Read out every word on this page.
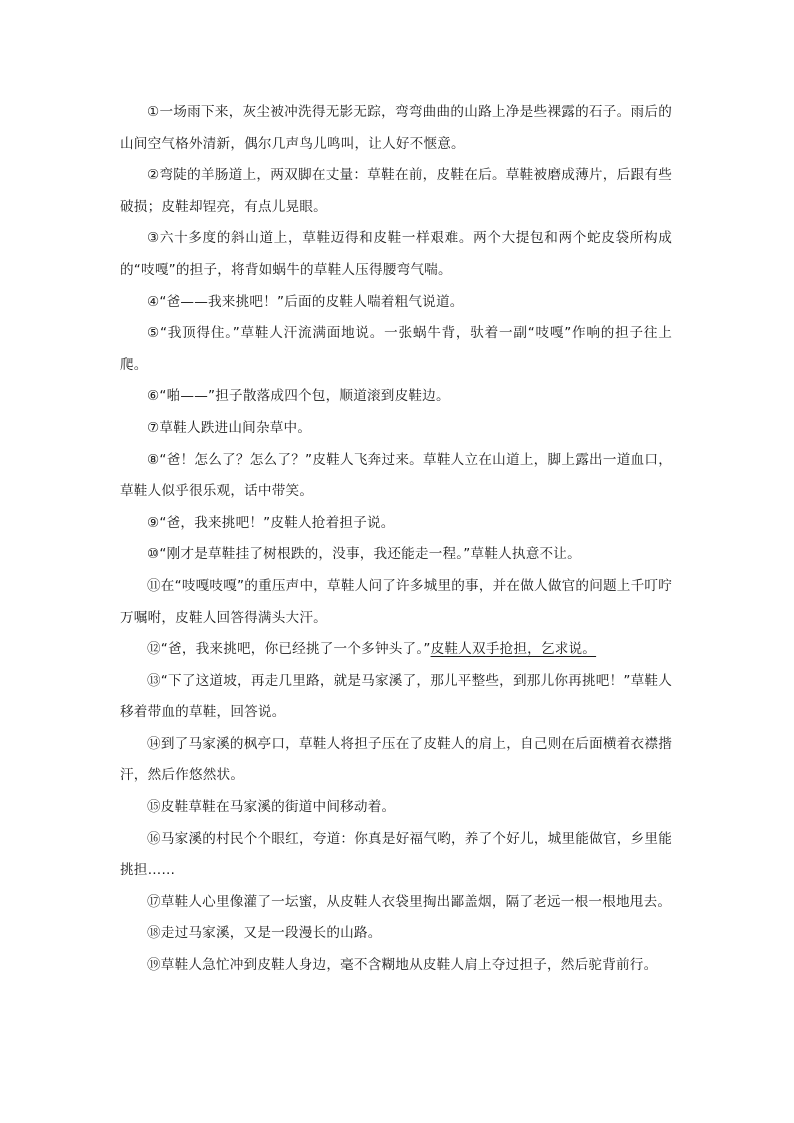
①一场雨下来，灰尘被冲洗得无影无踪，弯弯曲曲的山路上净是些裸露的石子。雨后的山间空气格外清新，偶尔几声鸟儿鸣叫，让人好不惬意。

②弯陡的羊肠道上，两双脚在丈量：草鞋在前，皮鞋在后。草鞋被磨成薄片，后跟有些破损；皮鞋却锃亮，有点儿晃眼。

③六十多度的斜山道上，草鞋迈得和皮鞋一样艰难。两个大提包和两个蛇皮袋所构成的“吱嘎”的担子，将背如蜗牛的草鞋人压得腰弯气喘。

④“爸——我来挑吧！”后面的皮鞋人喘着粗气说道。

⑤“我顶得住。”草鞋人汗流满面地说。一张蜗牛背，驮着一副“吱嘎”作响的担子往上爬。

⑥“啪——”担子散落成四个包，顺道滚到皮鞋边。

⑦草鞋人跌进山间杂草中。

⑧“爸！怎么了？怎么了？”皮鞋人飞奔过来。草鞋人立在山道上，脚上露出一道血口，草鞋人似乎很乐观，话中带笑。

⑨“爸，我来挑吧！”皮鞋人抢着担子说。

⑩“刚才是草鞋挂了树根跌的，没事，我还能走一程。”草鞋人执意不让。

⑪在“吱嘎吱嘎”的重压声中，草鞋人问了许多城里的事，并在做人做官的问题上千叮咛万嘱咐，皮鞋人回答得满头大汗。

⑫“爸，我来挑吧，你已经挑了一个多钟头了。”皮鞋人双手抢担，乞求说。

⑬“下了这道坡，再走几里路，就是马家溪了，那儿平整些，到那儿你再挑吧！”草鞋人移着带血的草鞋，回答说。

⑭到了马家溪的枫亭口，草鞋人将担子压在了皮鞋人的肩上，自己则在后面横着衣襟揩汗，然后作悠然状。

⑮皮鞋草鞋在马家溪的街道中间移动着。

⑯马家溪的村民个个眼红，夸道：你真是好福气哟，养了个好儿，城里能做官，乡里能挑担……

⑰草鞋人心里像灌了一坛蜜，从皮鞋人衣袋里掏出鄙盖烟，隔了老远一根一根地甩去。

⑱走过马家溪，又是一段漫长的山路。

⑲草鞋人急忙冲到皮鞋人身边，毫不含糊地从皮鞋人肩上夺过担子，然后驼背前行。
